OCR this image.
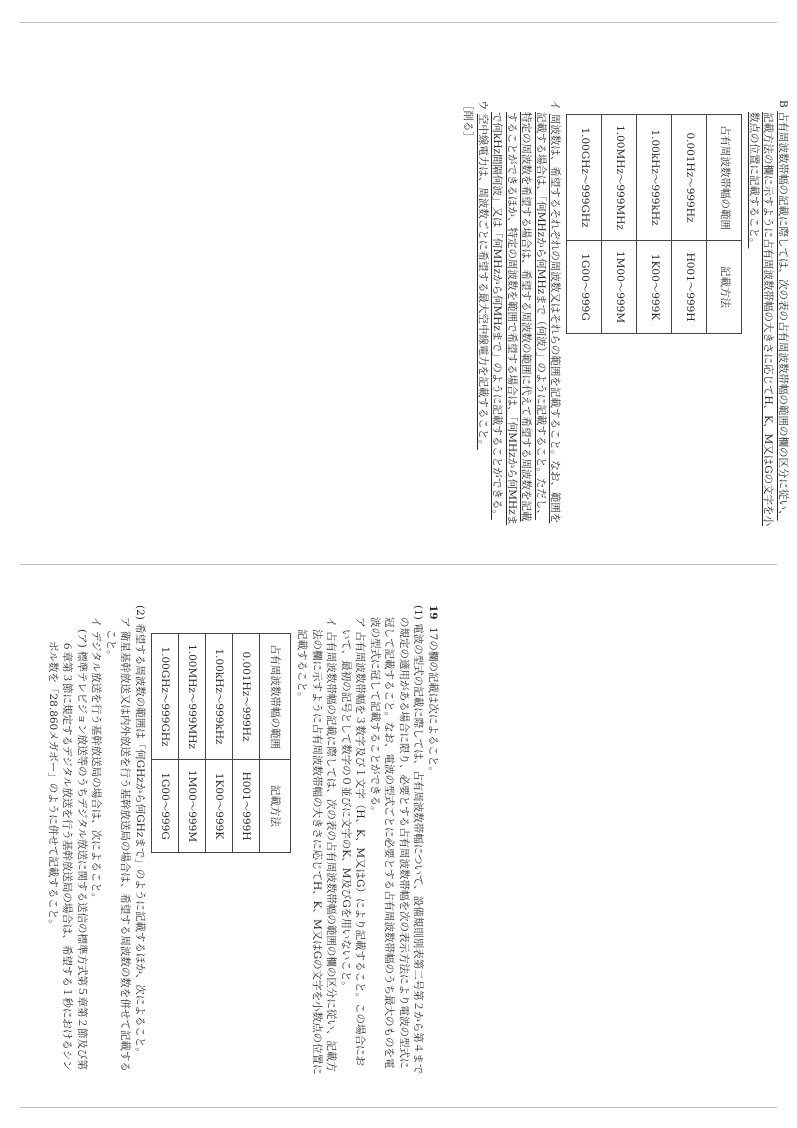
B 占有周波数帯幅の記載に際しては、次の表の占有周波数帯幅の範囲の欄の区分に従い、記載方法の欄に示すように占有周波数帯幅の大きさに応じてH、K、M又はGの文字を小数点の位置に記載すること。

占有周波数帯幅の範囲	記載方法
0.001Hz～999Hz	H001～999H
1.00kHz～999kHz	1K00～999K
1.00MHz～999MHz	1M00～999M
1.00GHz～999GHz	1G00～999G

イ 周波数は、希望するそれぞれの周波数又はそれらの範囲を記載すること。なお、範囲を記載する場合は、「何MHzから何MHzまで（何波）」のように記載すること。ただし、特定の周波数を希望する場合は、希望する周波数の範囲に代えて希望する周波数を記載することができるほか、特定の周波数を範囲で希望する場合は、「何MHzから何MHzまで何kHz間隔何波」又は「何MHzから何MHzまで」のように記載することができる。

ウ 空中線電力は、周波数ごとに希望する最大空中線電力を記載すること。

［削る］

19 17の欄の記載は次によること。

(1) 電波の型式の記載に際しては、占有周波数帯幅について、設備規則別表第二号第２から第４までの規定の適用がある場合に限り、必要とする占有周波数帯幅を次の表示方法により電波の型式に冠して記載すること。なお、電波の型式ごとに必要とする占有周波数帯幅のうち最大のものを電波の型式に冠して記載することができる。

ア 占有周波数帯幅を３数字及び１文字（H、K、M又はG）により記載すること。この場合において、最初の記号として数字の０並びに文字のK、M及びGを用いないこと。

イ 占有周波数帯幅の記載に際しては、次の表の占有周波数帯幅の範囲の欄の区分に従い、記載方法の欄に示すように占有周波数帯幅の大きさに応じてH、K、M又はGの文字を小数点の位置に記載すること。

占有周波数帯幅の範囲	記載方法
0.001Hz～999Hz	H001～999H
1.00kHz～999kHz	1K00～999K
1.00MHz～999MHz	1M00～999M
1.00GHz～999GHz	1G00～999G

(2) 希望する周波数の範囲は「何GHzから何GHzまで」のように記載するほか、次によること。

ア 衛星基幹放送又は内外放送を行う基幹放送局の場合は、希望する周波数の数を併せて記載すること。

イ デジタル放送を行う基幹放送局の場合は、次によること。

(ア) 標準テレビジョン放送等のうちデジタル放送に関する送信の標準方式第５章第２節及び第６章第３節に規定するデジタル放送を行う基幹放送局の場合は、希望する１秒におけるシンボル数を「28.860メガボー」のように併せて記載すること。
